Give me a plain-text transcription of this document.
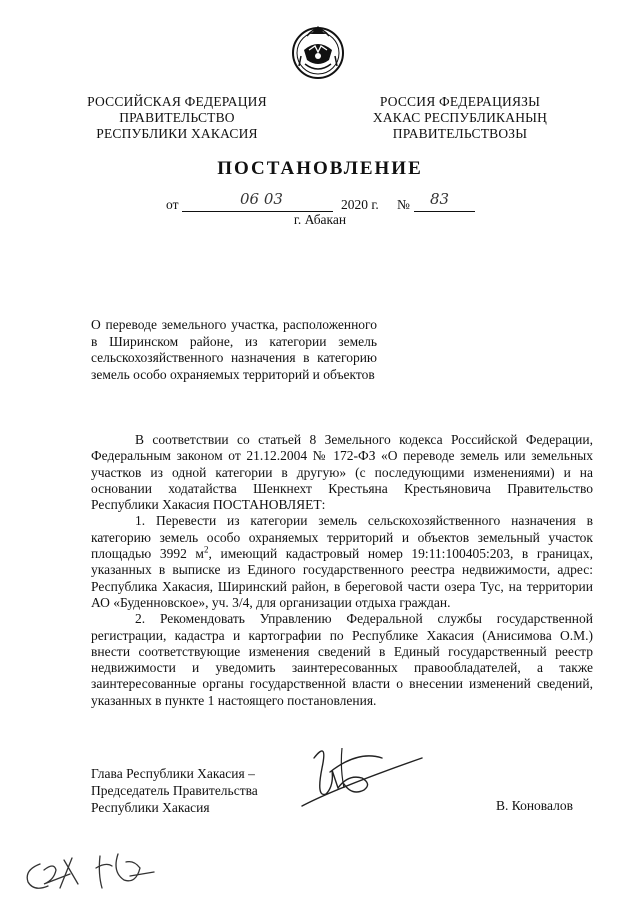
РОССИЙСКАЯ ФЕДЕРАЦИЯ
ПРАВИТЕЛЬСТВО
РЕСПУБЛИКИ ХАКАСИЯ
РОССИЯ ФЕДЕРАЦИЯЗЫ
ХАКАС РЕСПУБЛИКАНЫҢ
ПРАВИТЕЛЬСТВОЗЫ
ПОСТАНОВЛЕНИЕ
от	06 03	2020 г. № 83
г. Абакан
О переводе земельного участка, расположенного в Ширинском районе, из категории земель сельскохозяйственного назначения в категорию земель особо охраняемых территорий и объектов

В соответствии со статьей 8 Земельного кодекса Российской Федерации, Федеральным законом от 21.12.2004 № 172-ФЗ «О переводе земель или земельных участков из одной категории в другую» (с последующими изменениями) и на основании ходатайства Шенкнехт Крестьяна Крестьяновича Правительство Республики Хакасия ПОСТАНОВЛЯЕТ:

1. Перевести из категории земель сельскохозяйственного назначения в категорию земель особо охраняемых территорий и объектов земельный участок площадью 3992 $м^2$, имеющий кадастровый номер 19:11:100405:203, в границах, указанных в выписке из Единого государственного реестра недвижимости, адрес: Республика Хакасия, Ширинский район, в береговой части озера Тус, на территории АО «Буденновское», уч. 3/4, для организации отдыха граждан.

2. Рекомендовать Управлению Федеральной службы государственной регистрации, кадастра и картографии по Республике Хакасия (Анисимова О.М.) внести соответствующие изменения сведений в Единый государственный реестр недвижимости и уведомить заинтересованных правообладателей, а также заинтересованные органы государственной власти о внесении изменений сведений, указанных в пункте 1 настоящего постановления.

Глава Республики Хакасия –
Председатель Правительства
Республики Хакасия	В. Коновалов
